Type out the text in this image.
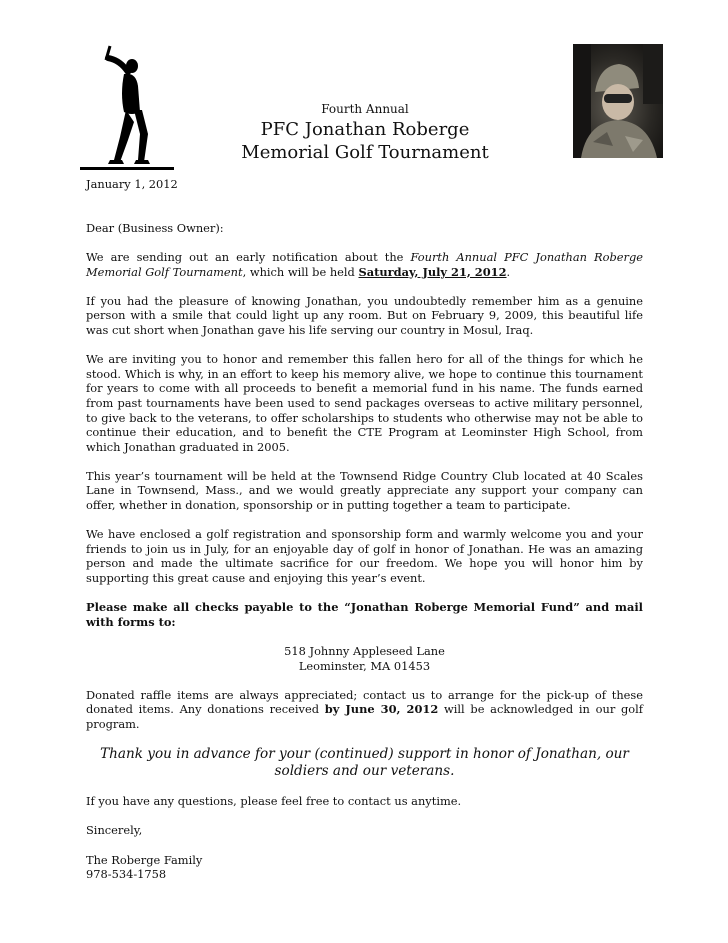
Fourth Annual
PFC Jonathan Roberge
Memorial Golf Tournament

January 1, 2012

Dear (Business Owner):

We are sending out an early notification about the Fourth Annual PFC Jonathan Roberge Memorial Golf Tournament, which will be held Saturday, July 21, 2012.

If you had the pleasure of knowing Jonathan, you undoubtedly remember him as a genuine person with a smile that could light up any room. But on February 9, 2009, this beautiful life was cut short when Jonathan gave his life serving our country in Mosul, Iraq.

We are inviting you to honor and remember this fallen hero for all of the things for which he stood. Which is why, in an effort to keep his memory alive, we hope to continue this tournament for years to come with all proceeds to benefit a memorial fund in his name. The funds earned from past tournaments have been used to send packages overseas to active military personnel, to give back to the veterans, to offer scholarships to students who otherwise may not be able to continue their education, and to benefit the CTE Program at Leominster High School, from which Jonathan graduated in 2005.

This year’s tournament will be held at the Townsend Ridge Country Club located at 40 Scales Lane in Townsend, Mass., and we would greatly appreciate any support your company can offer, whether in donation, sponsorship or in putting together a team to participate.

We have enclosed a golf registration and sponsorship form and warmly welcome you and your friends to join us in July, for an enjoyable day of golf in honor of Jonathan. He was an amazing person and made the ultimate sacrifice for our freedom. We hope you will honor him by supporting this great cause and enjoying this year’s event.

Please make all checks payable to the “Jonathan Roberge Memorial Fund” and mail with forms to:

518 Johnny Appleseed Lane
Leominster, MA 01453

Donated raffle items are always appreciated; contact us to arrange for the pick-up of these donated items. Any donations received by June 30, 2012 will be acknowledged in our golf program.

Thank you in advance for your (continued) support in honor of Jonathan, our soldiers and our veterans.

If you have any questions, please feel free to contact us anytime.

Sincerely,

The Roberge Family
978-534-1758
